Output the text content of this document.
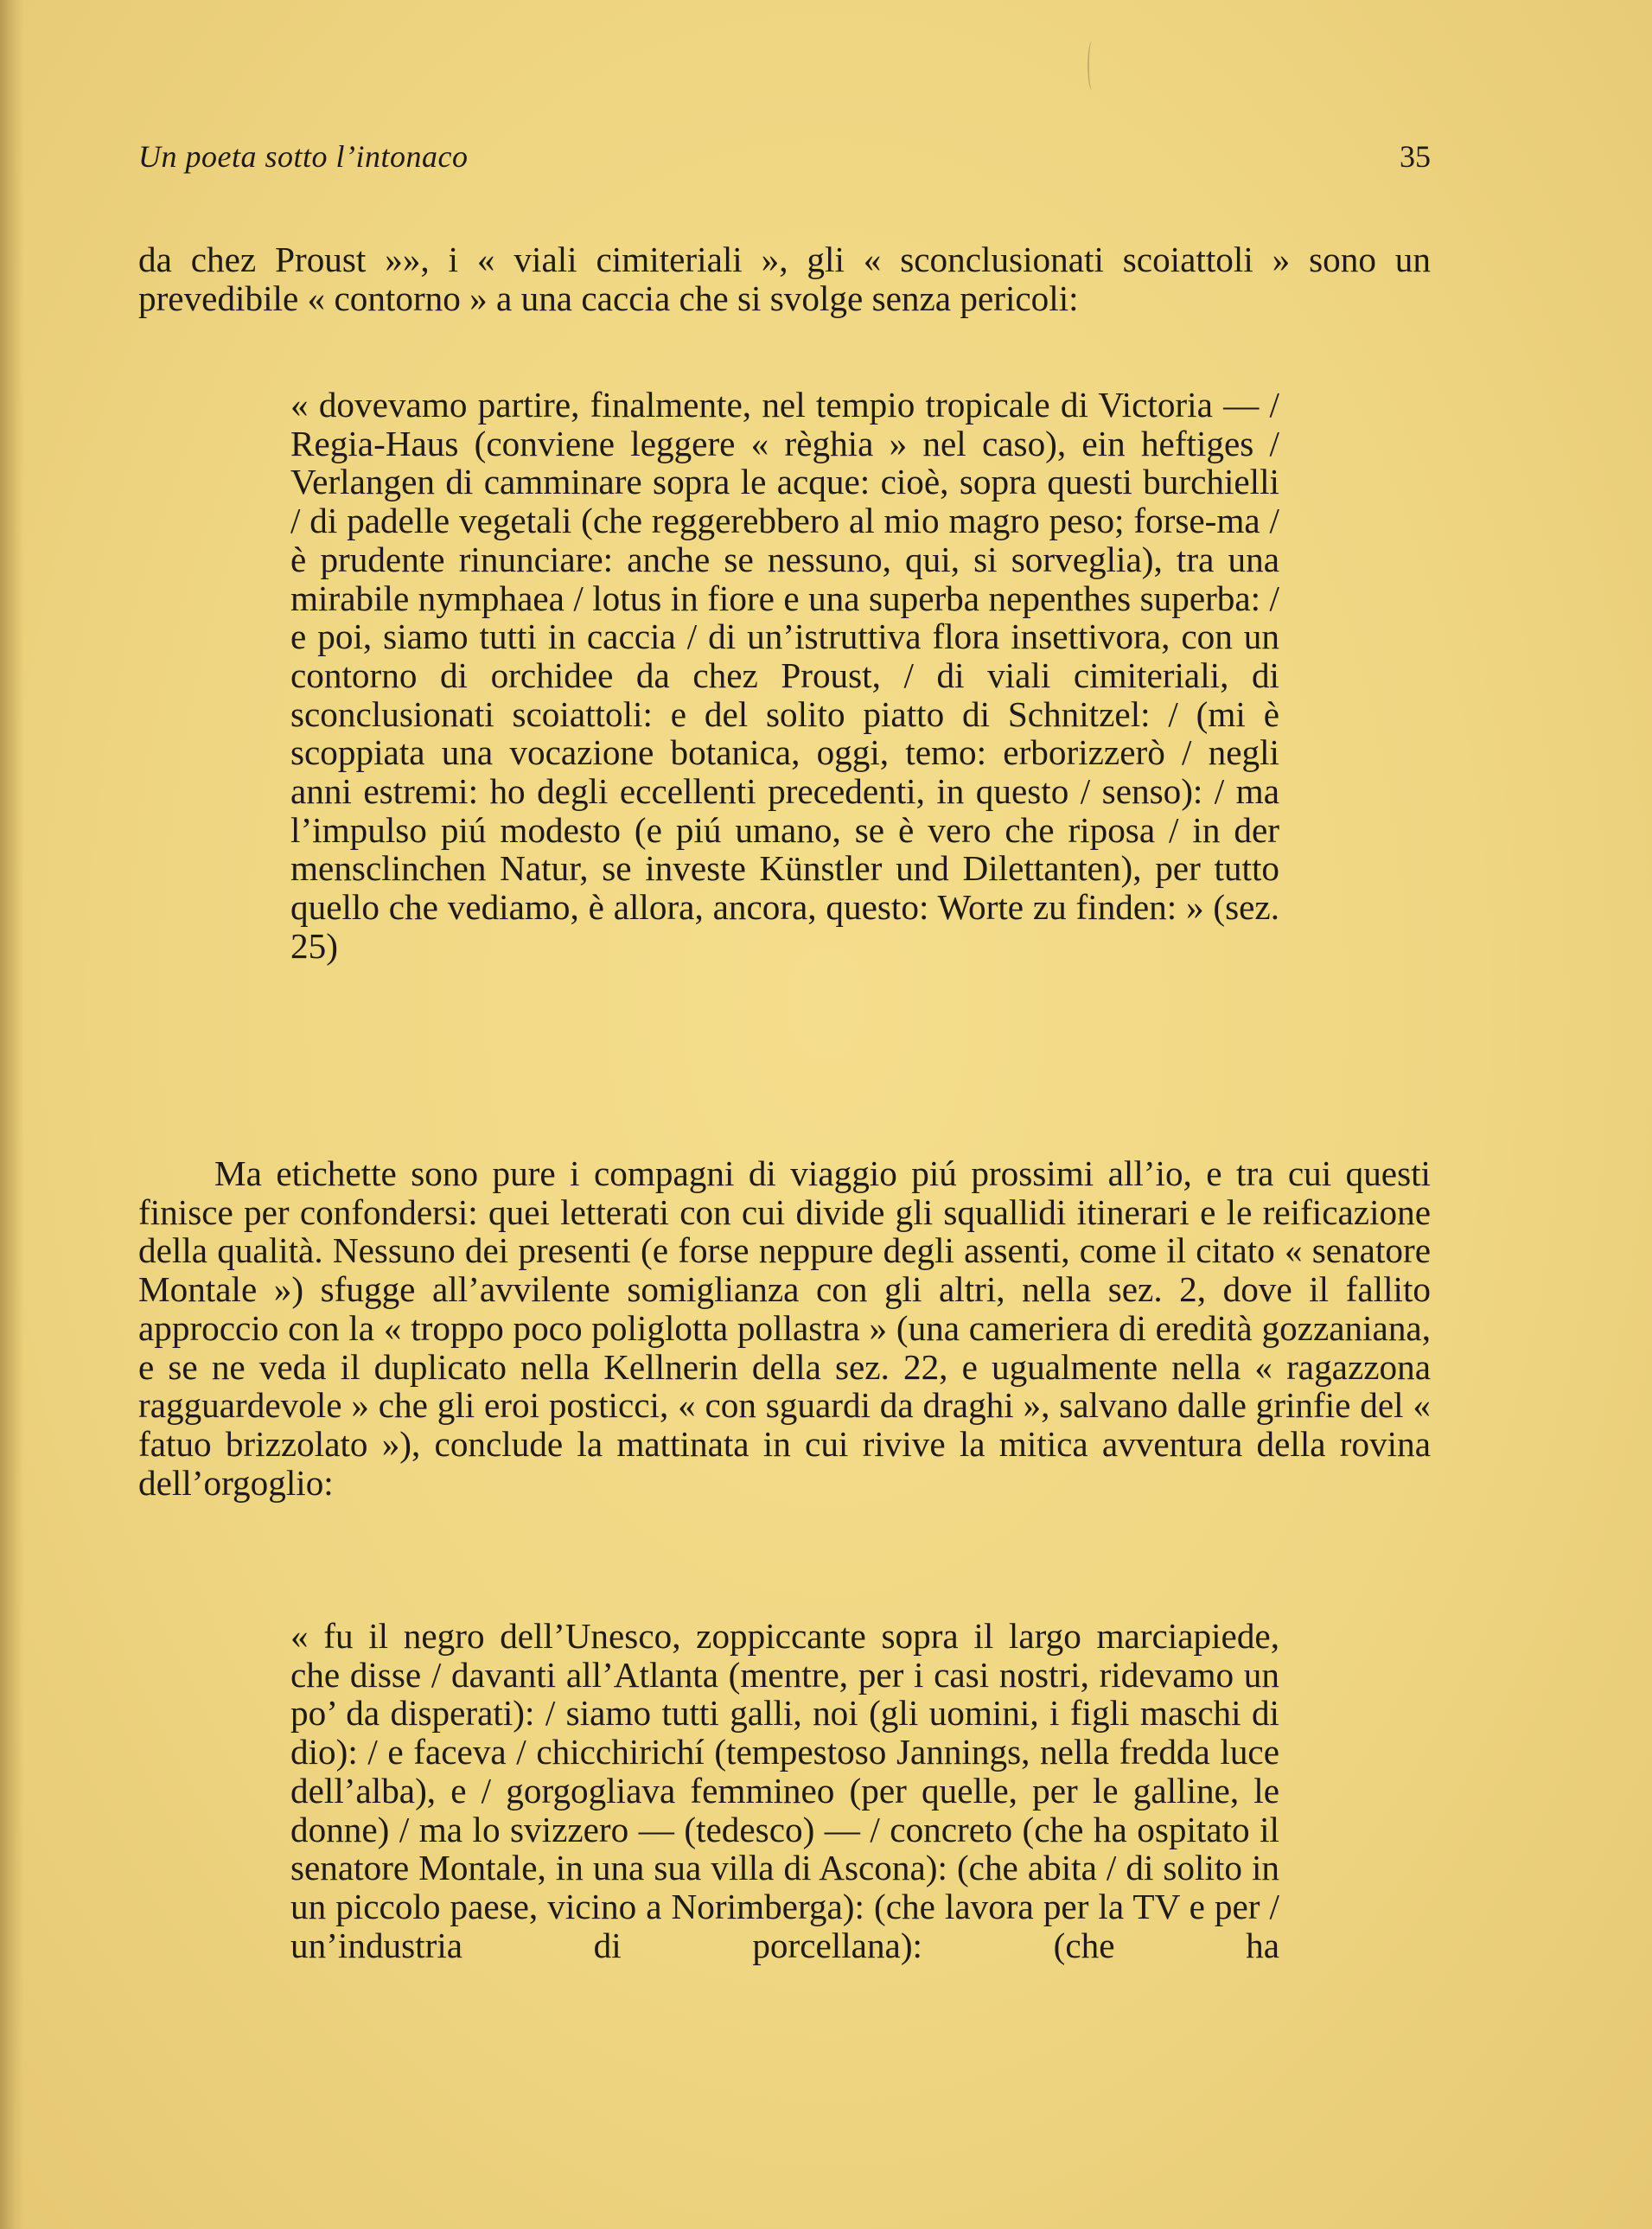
Un poeta sotto l’intonaco	35

da chez Proust »», i « viali cimiteriali », gli « sconclusionati scoiattoli » sono un prevedibile « contorno » a una caccia che si svolge senza pericoli:

« dovevamo partire, finalmente, nel tempio tropicale di Victoria — / Regia-Haus (conviene leggere « règhia » nel caso), ein heftiges / Verlangen di camminare sopra le acque: cioè, sopra questi burchielli / di padelle vegetali (che reggerebbero al mio magro peso; forse-ma / è prudente rinunciare: anche se nessuno, qui, si sorveglia), tra una mirabile nymphaea / lotus in fiore e una superba nepenthes superba: / e poi, siamo tutti in caccia / di un’istruttiva flora insettivora, con un contorno di orchidee da chez Proust, / di viali cimiteriali, di sconclusionati scoiattoli: e del solito piatto di Schnitzel: / (mi è scoppiata una vocazione botanica, oggi, temo: erborizzerò / negli anni estremi: ho degli eccellenti precedenti, in questo / senso): / ma l’impulso piú modesto (e piú umano, se è vero che riposa / in der mensclinchen Natur, se investe Künstler und Dilettanten), per tutto quello che vediamo, è allora, ancora, questo: Worte zu finden: » (sez. 25)

Ma etichette sono pure i compagni di viaggio piú prossimi all’io, e tra cui questi finisce per confondersi: quei letterati con cui divide gli squallidi itinerari e le reificazione della qualità. Nessuno dei presenti (e forse neppure degli assenti, come il citato « senatore Montale ») sfugge all’avvilente somiglianza con gli altri, nella sez. 2, dove il fallito approccio con la « troppo poco poliglotta pollastra » (una cameriera di eredità gozzaniana, e se ne veda il duplicato nella Kellnerin della sez. 22, e ugualmente nella « ragazzona ragguardevole » che gli eroi posticci, « con sguardi da draghi », salvano dalle grinfie del « fatuo brizzolato »), conclude la mattinata in cui rivive la mitica avventura della rovina dell’orgoglio:

« fu il negro dell’Unesco, zoppiccante sopra il largo marciapiede, che disse / davanti all’Atlanta (mentre, per i casi nostri, ridevamo un po’ da disperati): / siamo tutti galli, noi (gli uomini, i figli maschi di dio): / e faceva / chicchirichí (tempestoso Jannings, nella fredda luce dell’alba), e / gorgogliava femmineo (per quelle, per le galline, le donne) / ma lo svizzero — (tedesco) — / concreto (che ha ospitato il senatore Montale, in una sua villa di Ascona): (che abita / di solito in un piccolo paese, vicino a Norimberga): (che lavora per la TV e per / un’industria di porcellana): (che ha
